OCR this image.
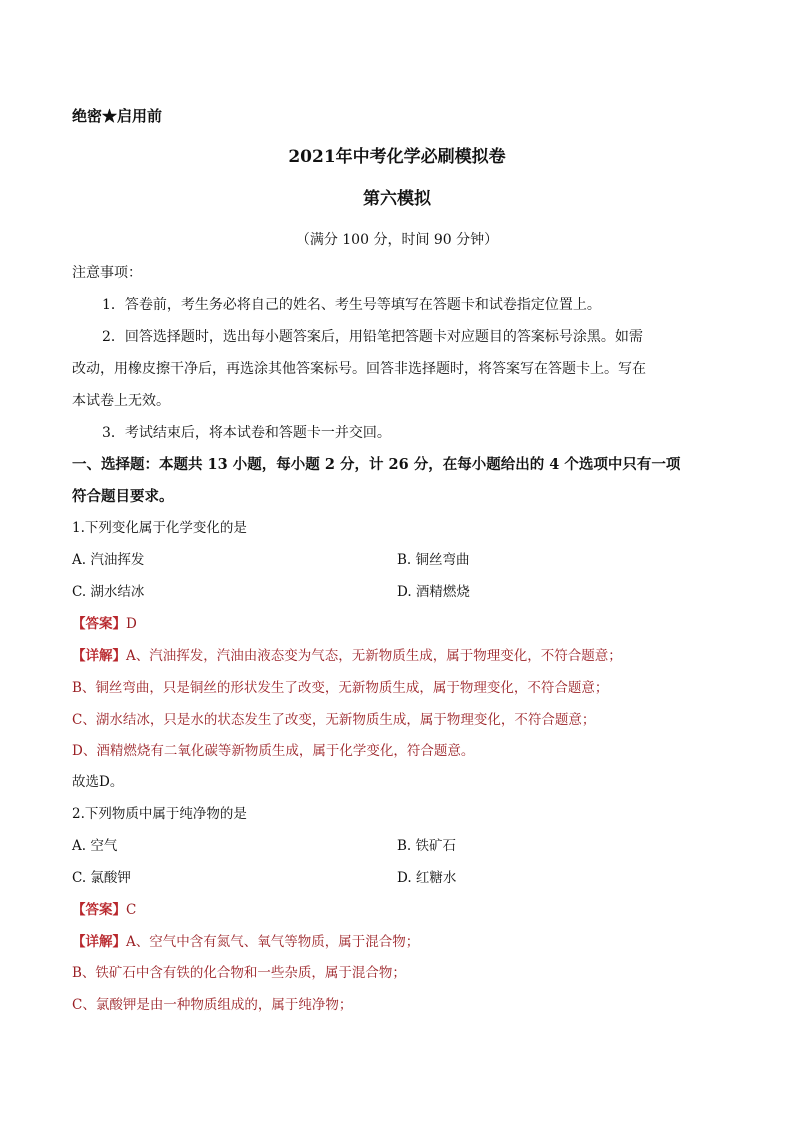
绝密★启用前
2021年中考化学必刷模拟卷
第六模拟
（满分 100 分，时间 90 分钟）
注意事项：
1．答卷前，考生务必将自己的姓名、考生号等填写在答题卡和试卷指定位置上。
2．回答选择题时，选出每小题答案后，用铅笔把答题卡对应题目的答案标号涂黑。如需
改动，用橡皮擦干净后，再选涂其他答案标号。回答非选择题时，将答案写在答题卡上。写在
本试卷上无效。
3．考试结束后，将本试卷和答题卡一并交回。
一、选择题：本题共 13 小题，每小题 2 分，计 26 分，在每小题给出的 4 个选项中只有一项
符合题目要求。
1.下列变化属于化学变化的是
A. 汽油挥发	B. 铜丝弯曲
C. 湖水结冰	D. 酒精燃烧
【答案】D
【详解】A、汽油挥发，汽油由液态变为气态，无新物质生成，属于物理变化，不符合题意；
B、铜丝弯曲，只是铜丝的形状发生了改变，无新物质生成，属于物理变化，不符合题意；
C、湖水结冰，只是水的状态发生了改变，无新物质生成，属于物理变化，不符合题意；
D、酒精燃烧有二氧化碳等新物质生成，属于化学变化，符合题意。
故选D。
2.下列物质中属于纯净物的是
A. 空气	B. 铁矿石
C. 氯酸钾	D. 红糖水
【答案】C
【详解】A、空气中含有氮气、氧气等物质，属于混合物；
B、铁矿石中含有铁的化合物和一些杂质，属于混合物；
C、氯酸钾是由一种物质组成的，属于纯净物；
